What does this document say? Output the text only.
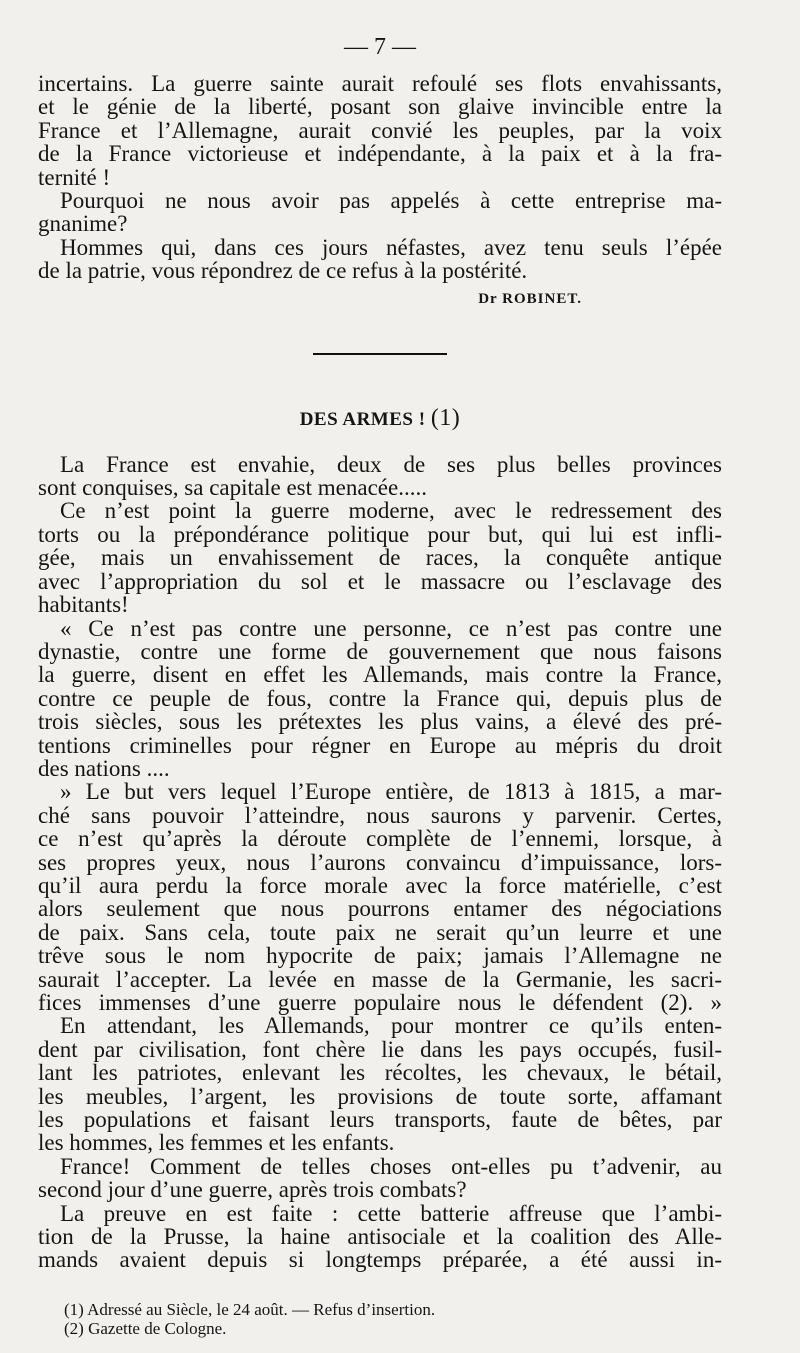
— 7 —
incertains. La guerre sainte aurait refoulé ses flots envahissants,
et le génie de la liberté, posant son glaive invincible entre la
France et l’Allemagne, aurait convié les peuples, par la voix
de la France victorieuse et indépendante, à la paix et à la fra-
ternité !
Pourquoi ne nous avoir pas appelés à cette entreprise ma-
gnanime?
Hommes qui, dans ces jours néfastes, avez tenu seuls l’épée
de la patrie, vous répondrez de ce refus à la postérité.
Dr ROBINET.
DES ARMES ! (1)
La France est envahie, deux de ses plus belles provinces
sont conquises, sa capitale est menacée.....
Ce n’est point la guerre moderne, avec le redressement des
torts ou la prépondérance politique pour but, qui lui est infli-
gée, mais un envahissement de races, la conquête antique
avec l’appropriation du sol et le massacre ou l’esclavage des
habitants!
« Ce n’est pas contre une personne, ce n’est pas contre une
dynastie, contre une forme de gouvernement que nous faisons
la guerre, disent en effet les Allemands, mais contre la France,
contre ce peuple de fous, contre la France qui, depuis plus de
trois siècles, sous les prétextes les plus vains, a élevé des pré-
tentions criminelles pour régner en Europe au mépris du droit
des nations ....
» Le but vers lequel l’Europe entière, de 1813 à 1815, a mar-
ché sans pouvoir l’atteindre, nous saurons y parvenir. Certes,
ce n’est qu’après la déroute complète de l’ennemi, lorsque, à
ses propres yeux, nous l’aurons convaincu d’impuissance, lors-
qu’il aura perdu la force morale avec la force matérielle, c’est
alors seulement que nous pourrons entamer des négociations
de paix. Sans cela, toute paix ne serait qu’un leurre et une
trêve sous le nom hypocrite de paix; jamais l’Allemagne ne
saurait l’accepter. La levée en masse de la Germanie, les sacri-
fices immenses d’une guerre populaire nous le défendent (2). »
En attendant, les Allemands, pour montrer ce qu’ils enten-
dent par civilisation, font chère lie dans les pays occupés, fusil-
lant les patriotes, enlevant les récoltes, les chevaux, le bétail,
les meubles, l’argent, les provisions de toute sorte, affamant
les populations et faisant leurs transports, faute de bêtes, par
les hommes, les femmes et les enfants.
France! Comment de telles choses ont-elles pu t’advenir, au
second jour d’une guerre, après trois combats?
La preuve en est faite : cette batterie affreuse que l’ambi-
tion de la Prusse, la haine antisociale et la coalition des Alle-
mands avaient depuis si longtemps préparée, a été aussi in-
(1) Adressé au Siècle, le 24 août. — Refus d’insertion.
(2) Gazette de Cologne.
